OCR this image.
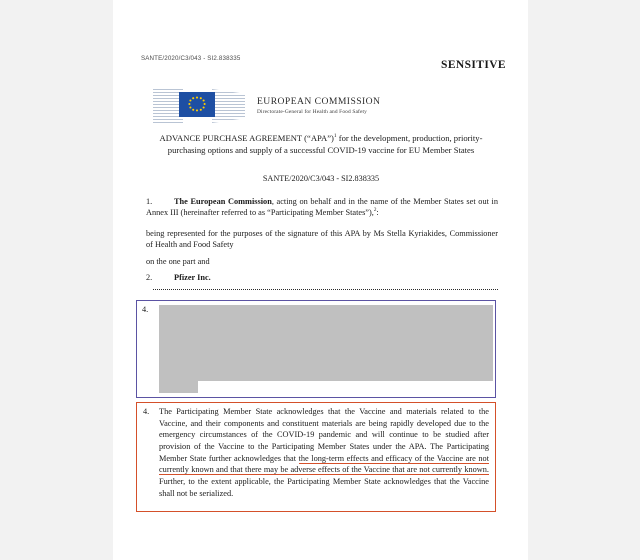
SANTE/2020/C3/043 - SI2.838335
SENSITIVE
EUROPEAN COMMISSION
Directorate-General for Health and Food Safety
ADVANCE PURCHASE AGREEMENT (“APA”)$^1$ for the development, production, priority-purchasing options and supply of a successful COVID-19 vaccine for EU Member States
SANTE/2020/C3/043 - SI2.838335
1.	The European Commission, acting on behalf and in the name of the Member States set out in Annex III (hereinafter referred to as “Participating Member States”),$^2$:
being represented for the purposes of the signature of this APA by Ms Stella Kyriakides, Commissioner of Health and Food Safety
on the one part and
2.	Pfizer Inc.
4.
4. The Participating Member State acknowledges that the Vaccine and materials related to the Vaccine, and their components and constituent materials are being rapidly developed due to the emergency circumstances of the COVID-19 pandemic and will continue to be studied after provision of the Vaccine to the Participating Member States under the APA. The Participating Member State further acknowledges that the long-term effects and efficacy of the Vaccine are not currently known and that there may be adverse effects of the Vaccine that are not currently known. Further, to the extent applicable, the Participating Member State acknowledges that the Vaccine shall not be serialized.
